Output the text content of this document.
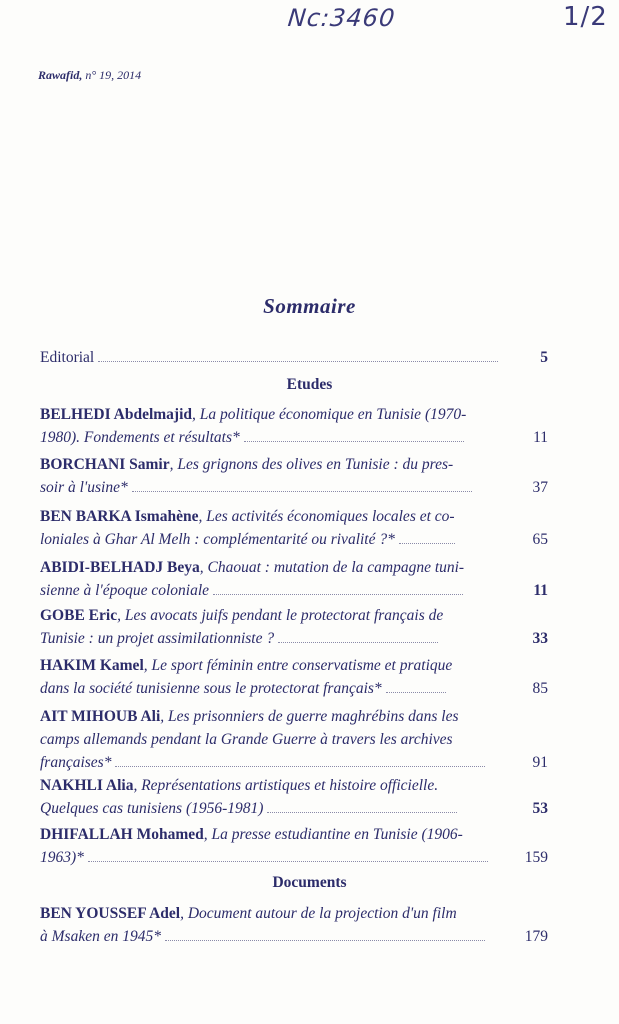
Nc:3460	1/2
Rawafid, n° 19, 2014
Sommaire
Editorial	5
Etudes
BELHEDI Abdelmajid, La politique économique en Tunisie (1970-
1980). Fondements et résultats*	11
BORCHANI Samir, Les grignons des olives en Tunisie : du pres-
soir à l'usine*	37
BEN BARKA Ismahène, Les activités économiques locales et co-
loniales à Ghar Al Melh : complémentarité ou rivalité ?*	65
ABIDI-BELHADJ Beya, Chaouat : mutation de la campagne tuni-
sienne à l'époque coloniale	11
GOBE Eric, Les avocats juifs pendant le protectorat français de
Tunisie : un projet assimilationniste ?	33
HAKIM Kamel, Le sport féminin entre conservatisme et pratique
dans la société tunisienne sous le protectorat français*	85
AIT MIHOUB Ali, Les prisonniers de guerre maghrébins dans les
camps allemands pendant la Grande Guerre à travers les archives
françaises*	91
NAKHLI Alia, Représentations artistiques et histoire officielle.
Quelques cas tunisiens (1956-1981)	53
DHIFALLAH Mohamed, La presse estudiantine en Tunisie (1906-
1963)*	159
Documents
BEN YOUSSEF Adel, Document autour de la projection d'un film
à Msaken en 1945*	179
